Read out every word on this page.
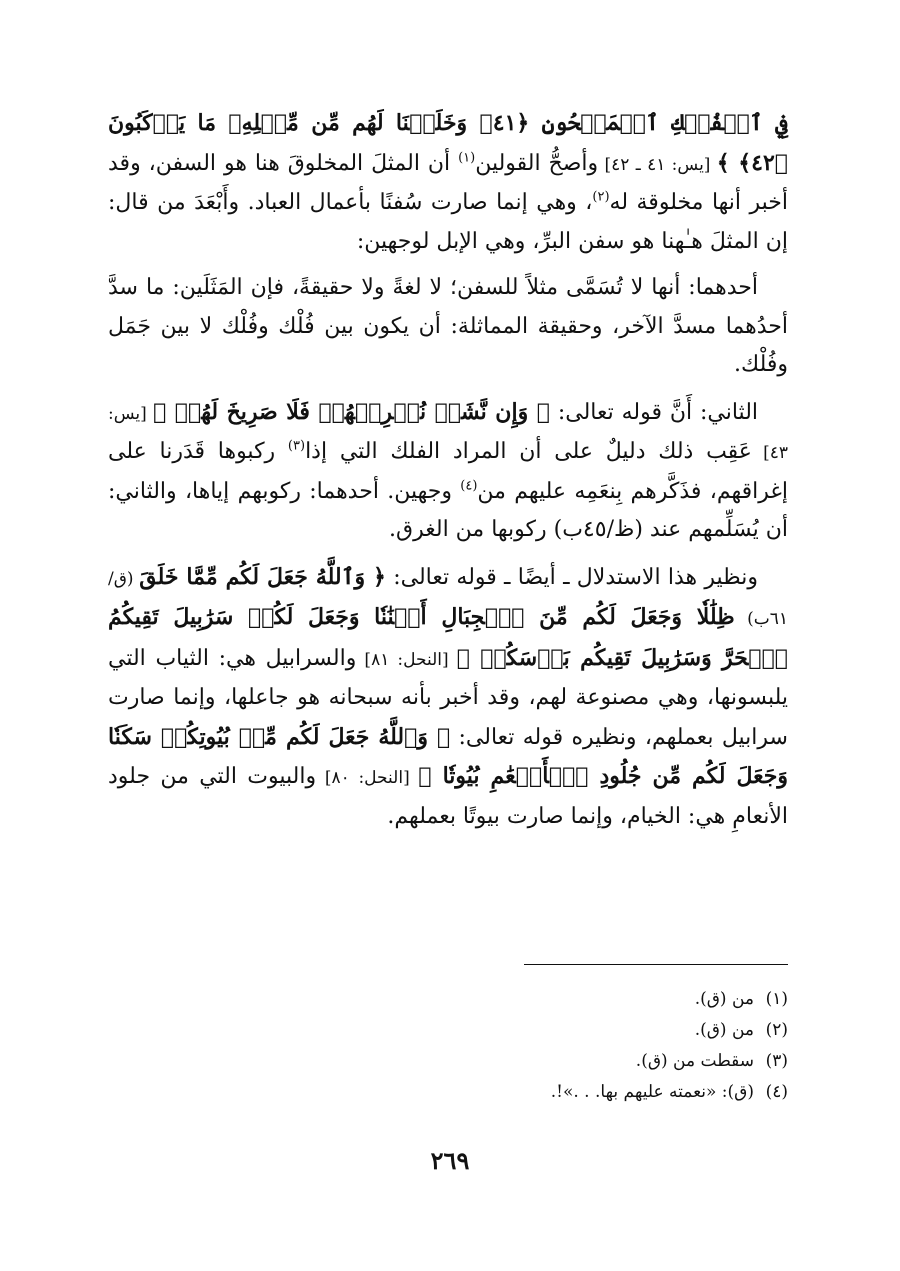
فِي ٱلۡفُلۡكِ ٱلۡمَشۡحُونِ ﴿٤١﴾ وَخَلَقۡنَا لَهُم مِّن مِّثۡلِهِۦ مَا يَرۡكَبُونَ ﴿٤٢﴾ ﴾ [يس: ٤١ ـ ٤٢] وأصحُّ القولين$^{(١)}$ أن المثلَ المخلوقَ هنا هو السفن، وقد أخبر أنها مخلوقة له$^{(٢)}$، وهي إنما صارت سُفنًا بأعمال العباد. وأَبْعَدَ من قال: إن المثلَ هـٰهنا هو سفن البرِّ، وهي الإبل لوجهين:

أحدهما: أنها لا تُسَمَّى مثلاً للسفن؛ لا لغةً ولا حقيقةً، فإن المَثَلَين: ما سدَّ أحدُهما مسدَّ الآخر، وحقيقة المماثلة: أن يكون بين فُلْك وفُلْك لا بين جَمَل وفُلْك.

الثاني: أَنَّ قوله تعالى: ﴿ وَإِن نَّشَأۡ نُغۡرِقۡهُمۡ فَلَا صَرِيخَ لَهُمۡ ﴾ [يس: ٤٣] عَقِب ذلك دليلٌ على أن المراد الفلك التي إذا$^{(٣)}$ ركبوها قَدَرنا على إغراقهم، فذَكَّرهم بِنعَمِه عليهم من$^{(٤)}$ وجهين. أحدهما: ركوبهم إياها، والثاني: أن يُسَلِّمهم عند (ظ/٤٥ب) ركوبها من الغرق.

ونظير هذا الاستدلال ـ أيضًا ـ قوله تعالى: ﴿ وَٱللَّهُ جَعَلَ لَكُم مِّمَّا خَلَقَ (ق/٦١ب) ظِلَٰلٗا وَجَعَلَ لَكُم مِّنَ ٱلۡجِبَالِ أَكۡنَٰنٗا وَجَعَلَ لَكُمۡ سَرَٰبِيلَ تَقِيكُمُ ٱلۡحَرَّ وَسَرَٰبِيلَ تَقِيكُم بَأۡسَكُمۡ ﴾ [النحل: ٨١] والسرابيل هي: الثياب التي يلبسونها، وهي مصنوعة لهم، وقد أخبر بأنه سبحانه هو جاعلها، وإنما صارت سرابيل بعملهم، ونظيره قوله تعالى: ﴿ وَٱللَّهُ جَعَلَ لَكُم مِّنۢ بُيُوتِكُمۡ سَكَنٗا وَجَعَلَ لَكُم مِّن جُلُودِ ٱلۡأَنۡعَٰمِ بُيُوتٗا ﴾ [النحل: ٨٠] والبيوت التي من جلود الأنعامِ هي: الخيام، وإنما صارت بيوتًا بعملهم.

(١)من (ق).

(٢)من (ق).

(٣)سقطت من (ق).

(٤)(ق): «نعمته عليهم بها. . .»!.

٢٦٩
